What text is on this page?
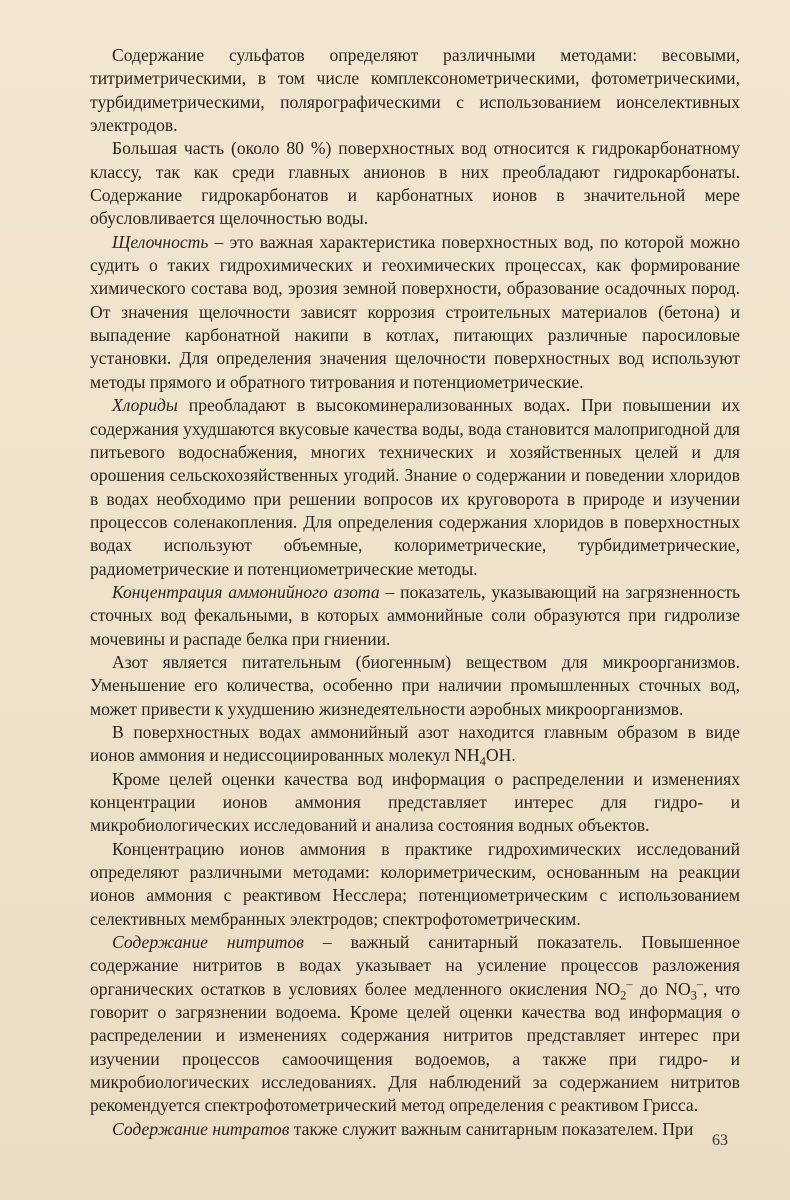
Содержание сульфатов определяют различными методами: весовыми, титриметрическими, в том числе комплексонометрическими, фотометрическими, турбидиметрическими, полярографическими с использованием ионселективных электродов.

Большая часть (около 80 %) поверхностных вод относится к гидрокарбонатному классу, так как среди главных анионов в них преобладают гидрокарбонаты. Содержание гидрокарбонатов и карбонатных ионов в значительной мере обусловливается щелочностью воды.

Щелочность – это важная характеристика поверхностных вод, по которой можно судить о таких гидрохимических и геохимических процессах, как формирование химического состава вод, эрозия земной поверхности, образование осадочных пород. От значения щелочности зависят коррозия строительных материалов (бетона) и выпадение карбонатной накипи в котлах, питающих различные паросиловые установки. Для определения значения щелочности поверхностных вод используют методы прямого и обратного титрования и потенциометрические.

Хлориды преобладают в высокоминерализованных водах. При повышении их содержания ухудшаются вкусовые качества воды, вода становится малопригодной для питьевого водоснабжения, многих технических и хозяйственных целей и для орошения сельскохозяйственных угодий. Знание о содержании и поведении хлоридов в водах необходимо при решении вопросов их круговорота в природе и изучении процессов соленакопления. Для определения содержания хлоридов в поверхностных водах используют объемные, колориметрические, турбидиметрические, радиометрические и потенциометрические методы.

Концентрация аммонийного азота – показатель, указывающий на загрязненность сточных вод фекальными, в которых аммонийные соли образуются при гидролизе мочевины и распаде белка при гниении.

Азот является питательным (биогенным) веществом для микроорганизмов. Уменьшение его количества, особенно при наличии промышленных сточных вод, может привести к ухудшению жизнедеятельности аэробных микроорганизмов.

В поверхностных водах аммонийный азот находится главным образом в виде ионов аммония и недиссоциированных молекул $NH_4OH$.

Кроме целей оценки качества вод информация о распределении и изменениях концентрации ионов аммония представляет интерес для гидро- и микробиологических исследований и анализа состояния водных объектов.

Концентрацию ионов аммония в практике гидрохимических исследований определяют различными методами: колориметрическим, основанным на реакции ионов аммония с реактивом Несслера; потенциометрическим с использованием селективных мембранных электродов; спектрофотометрическим.

Содержание нитритов – важный санитарный показатель. Повышенное содержание нитритов в водах указывает на усиление процессов разложения органических остатков в условиях более медленного окисления $NO_2^-$ до $NO_3^-$, что говорит о загрязнении водоема. Кроме целей оценки качества вод информация о распределении и изменениях содержания нитритов представляет интерес при изучении процессов самоочищения водоемов, а также при гидро- и микробиологических исследованиях. Для наблюдений за содержанием нитритов рекомендуется спектрофотометрический метод определения с реактивом Грисса.

Содержание нитратов также служит важным санитарным показателем. При

63
